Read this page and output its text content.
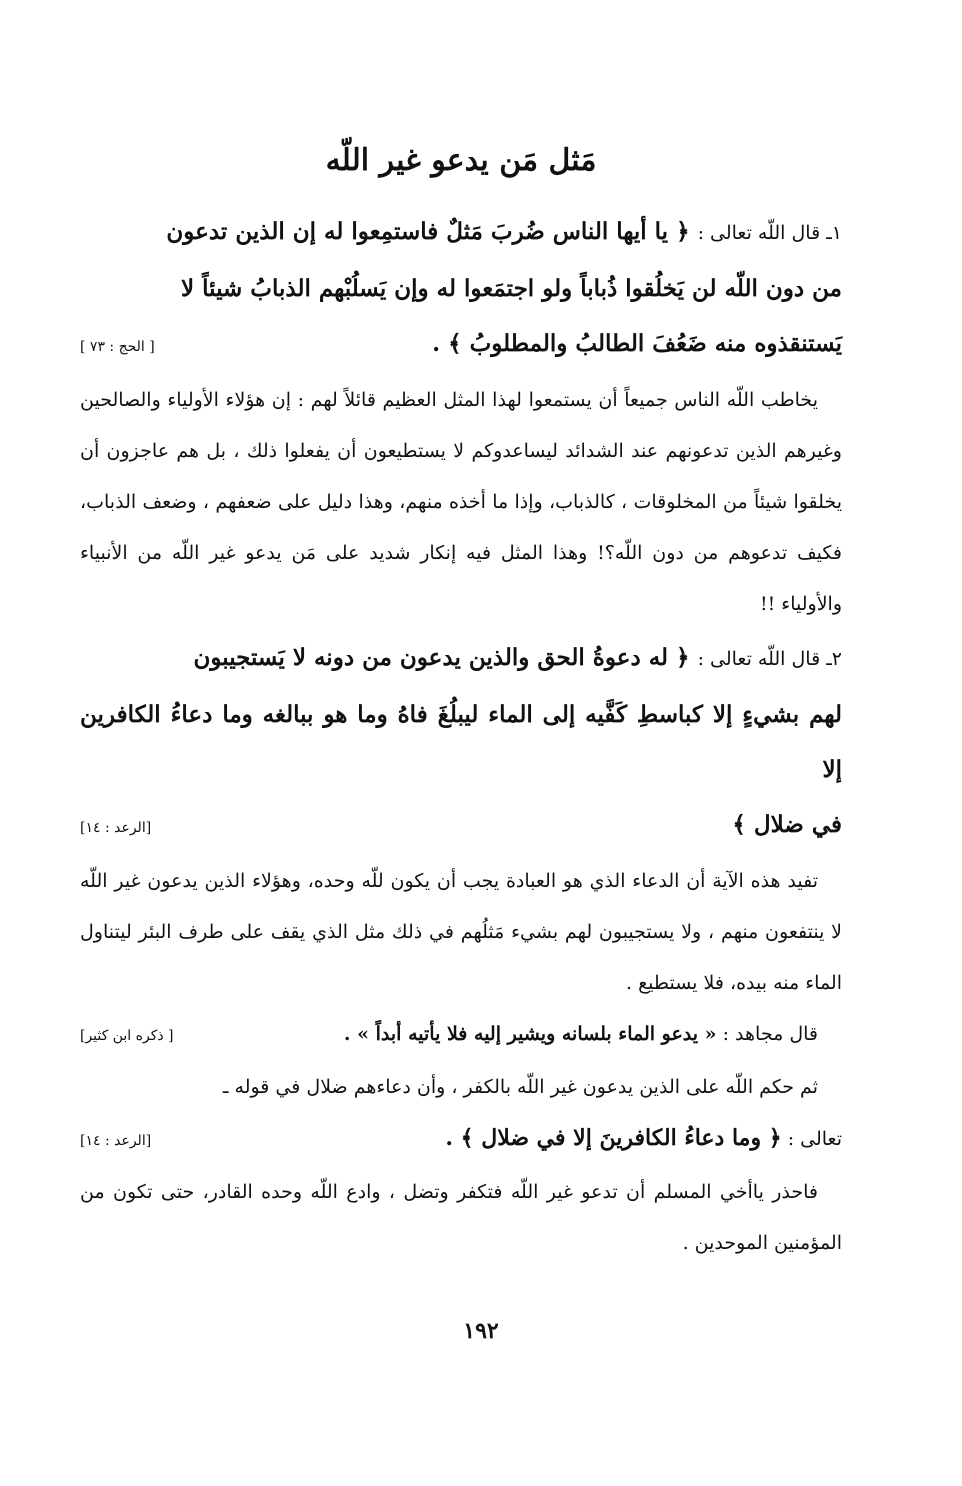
مَثل مَن يدعو غير اللّه
١ـ قال اللّه تعالى : ﴿ يا أيها الناس ضُربَ مَثلٌ فاستمِعوا له إن الذين تدعون
من دون اللّه لن يَخلُقوا ذُباباً ولو اجتمَعوا له وإن يَسلُبْهم الذبابُ شيئاً لا
يَستنقذوه منه ضَعُفَ الطالبُ والمطلوبُ ﴾ .
[ الحج : ٧٣ ]
يخاطب اللّه الناس جميعاً أن يستمعوا لهذا المثل العظيم قائلاً لهم : إن هؤلاء الأولياء والصالحين وغيرهم الذين تدعونهم عند الشدائد ليساعدوكم لا يستطيعون أن يفعلوا ذلك ، بل هم عاجزون أن يخلقوا شيئاً من المخلوقات ، كالذباب، وإذا ما أخذه منهم، وهذا دليل على ضعفهم ، وضعف الذباب، فكيف تدعوهم من دون اللّه؟! وهذا المثل فيه إنكار شديد على مَن يدعو غير اللّه من الأنبياء والأولياء !!
٢ـ قال اللّه تعالى : ﴿ له دعوةُ الحق والذين يدعون من دونه لا يَستجيبون
لهم بشيءٍ إلا كباسطِ كَفَّيه إلى الماء ليبلُغَ فاهُ وما هو ببالغه وما دعاءُ الكافرين إلا
في ضلال ﴾
[الرعد : ١٤]
تفيد هذه الآية أن الدعاء الذي هو العبادة يجب أن يكون للّه وحده، وهؤلاء الذين يدعون غير اللّه لا ينتفعون منهم ، ولا يستجيبون لهم بشيء مَثلُهم في ذلك مثل الذي يقف على طرف البئر ليتناول الماء منه بيده، فلا يستطيع .
قال مجاهد : « يدعو الماء بلسانه ويشير إليه فلا يأتيه أبداً » .
[ ذكره ابن كثير]
ثم حكم اللّه على الذين يدعون غير اللّه بالكفر ، وأن دعاءهم ضلال في قوله ـ
تعالى : ﴿ وما دعاءُ الكافرينَ إلا في ضلال ﴾ .
[الرعد : ١٤]
فاحذر ياأخي المسلم أن تدعو غير اللّه فتكفر وتضل ، وادع اللّه وحده القادر، حتى تكون من المؤمنين الموحدين .
١٩٢
